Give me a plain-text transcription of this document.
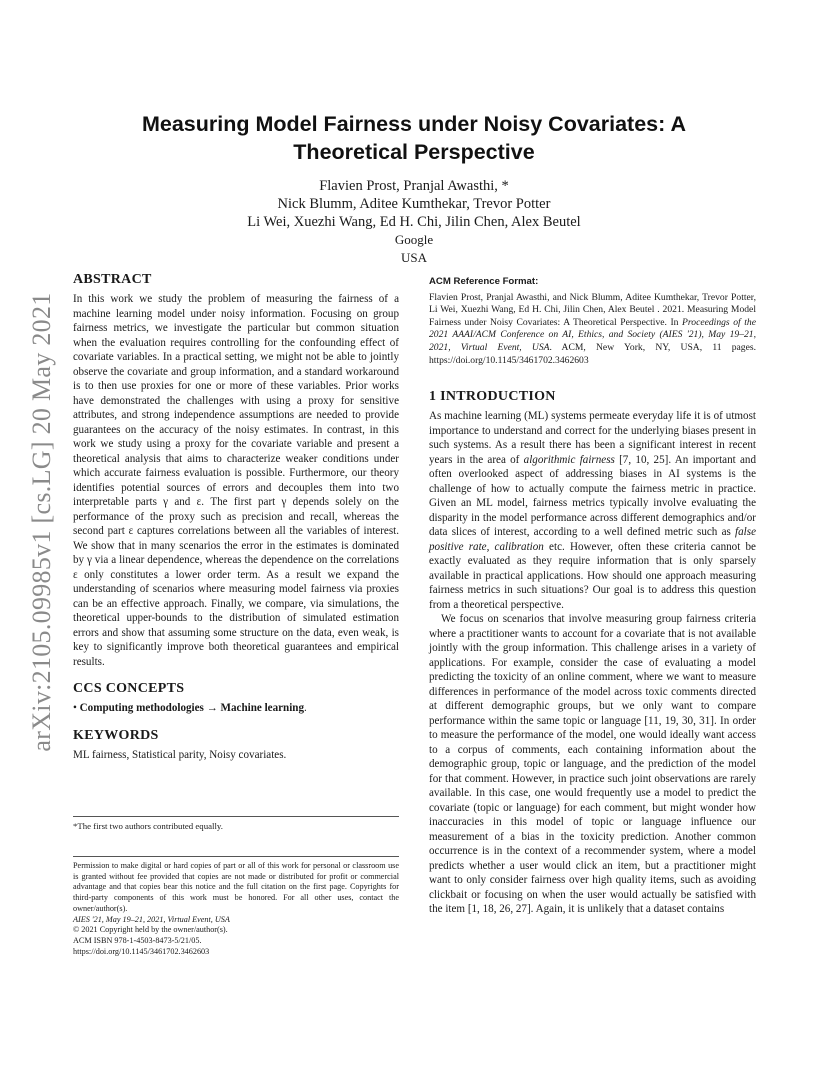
arXiv:2105.09985v1 [cs.LG] 20 May 2021
Measuring Model Fairness under Noisy Covariates: A Theoretical Perspective
Flavien Prost, Pranjal Awasthi, *
Nick Blumm, Aditee Kumthekar, Trevor Potter
Li Wei, Xuezhi Wang, Ed H. Chi, Jilin Chen, Alex Beutel
Google
USA
ABSTRACT

In this work we study the problem of measuring the fairness of a machine learning model under noisy information. Focusing on group fairness metrics, we investigate the particular but common situation when the evaluation requires controlling for the confounding effect of covariate variables. In a practical setting, we might not be able to jointly observe the covariate and group information, and a standard workaround is to then use proxies for one or more of these variables. Prior works have demonstrated the challenges with using a proxy for sensitive attributes, and strong independence assumptions are needed to provide guarantees on the accuracy of the noisy estimates. In contrast, in this work we study using a proxy for the covariate variable and present a theoretical analysis that aims to characterize weaker conditions under which accurate fairness evaluation is possible. Furthermore, our theory identifies potential sources of errors and decouples them into two interpretable parts γ and ε. The first part γ depends solely on the performance of the proxy such as precision and recall, whereas the second part ε captures correlations between all the variables of interest. We show that in many scenarios the error in the estimates is dominated by γ via a linear dependence, whereas the dependence on the correlations ε only constitutes a lower order term. As a result we expand the understanding of scenarios where measuring model fairness via proxies can be an effective approach. Finally, we compare, via simulations, the theoretical upper-bounds to the distribution of simulated estimation errors and show that assuming some structure on the data, even weak, is key to significantly improve both theoretical guarantees and empirical results.

CCS CONCEPTS

• Computing methodologies → Machine learning.

KEYWORDS

ML fairness, Statistical parity, Noisy covariates.

*The first two authors contributed equally.
Permission to make digital or hard copies of part or all of this work for personal or classroom use is granted without fee provided that copies are not made or distributed for profit or commercial advantage and that copies bear this notice and the full citation on the first page. Copyrights for third-party components of this work must be honored. For all other uses, contact the owner/author(s).
AIES '21, May 19–21, 2021, Virtual Event, USA
© 2021 Copyright held by the owner/author(s).
ACM ISBN 978-1-4503-8473-5/21/05.
https://doi.org/10.1145/3461702.3462603
ACM Reference Format:
Flavien Prost, Pranjal Awasthi, and Nick Blumm, Aditee Kumthekar, Trevor Potter, Li Wei, Xuezhi Wang, Ed H. Chi, Jilin Chen, Alex Beutel . 2021. Measuring Model Fairness under Noisy Covariates: A Theoretical Perspective. In Proceedings of the 2021 AAAI/ACM Conference on AI, Ethics, and Society (AIES '21), May 19–21, 2021, Virtual Event, USA. ACM, New York, NY, USA, 11 pages. https://doi.org/10.1145/3461702.3462603
1 INTRODUCTION

As machine learning (ML) systems permeate everyday life it is of utmost importance to understand and correct for the underlying biases present in such systems. As a result there has been a significant interest in recent years in the area of algorithmic fairness [7, 10, 25]. An important and often overlooked aspect of addressing biases in AI systems is the challenge of how to actually compute the fairness metric in practice. Given an ML model, fairness metrics typically involve evaluating the disparity in the model performance across different demographics and/or data slices of interest, according to a well defined metric such as false positive rate, calibration etc. However, often these criteria cannot be exactly evaluated as they require information that is only sparsely available in practical applications. How should one approach measuring fairness metrics in such situations? Our goal is to address this question from a theoretical perspective.

We focus on scenarios that involve measuring group fairness criteria where a practitioner wants to account for a covariate that is not available jointly with the group information. This challenge arises in a variety of applications. For example, consider the case of evaluating a model predicting the toxicity of an online comment, where we want to measure differences in performance of the model across toxic comments directed at different demographic groups, but we only want to compare performance within the same topic or language [11, 19, 30, 31]. In order to measure the performance of the model, one would ideally want access to a corpus of comments, each containing information about the demographic group, topic or language, and the prediction of the model for that comment. However, in practice such joint observations are rarely available. In this case, one would frequently use a model to predict the covariate (topic or language) for each comment, but might wonder how inaccuracies in this model of topic or language influence our measurement of a bias in the toxicity prediction. Another common occurrence is in the context of a recommender system, where a model predicts whether a user would click an item, but a practitioner might want to only consider fairness over high quality items, such as avoiding clickbait or focusing on when the user would actually be satisfied with the item [1, 18, 26, 27]. Again, it is unlikely that a dataset contains
